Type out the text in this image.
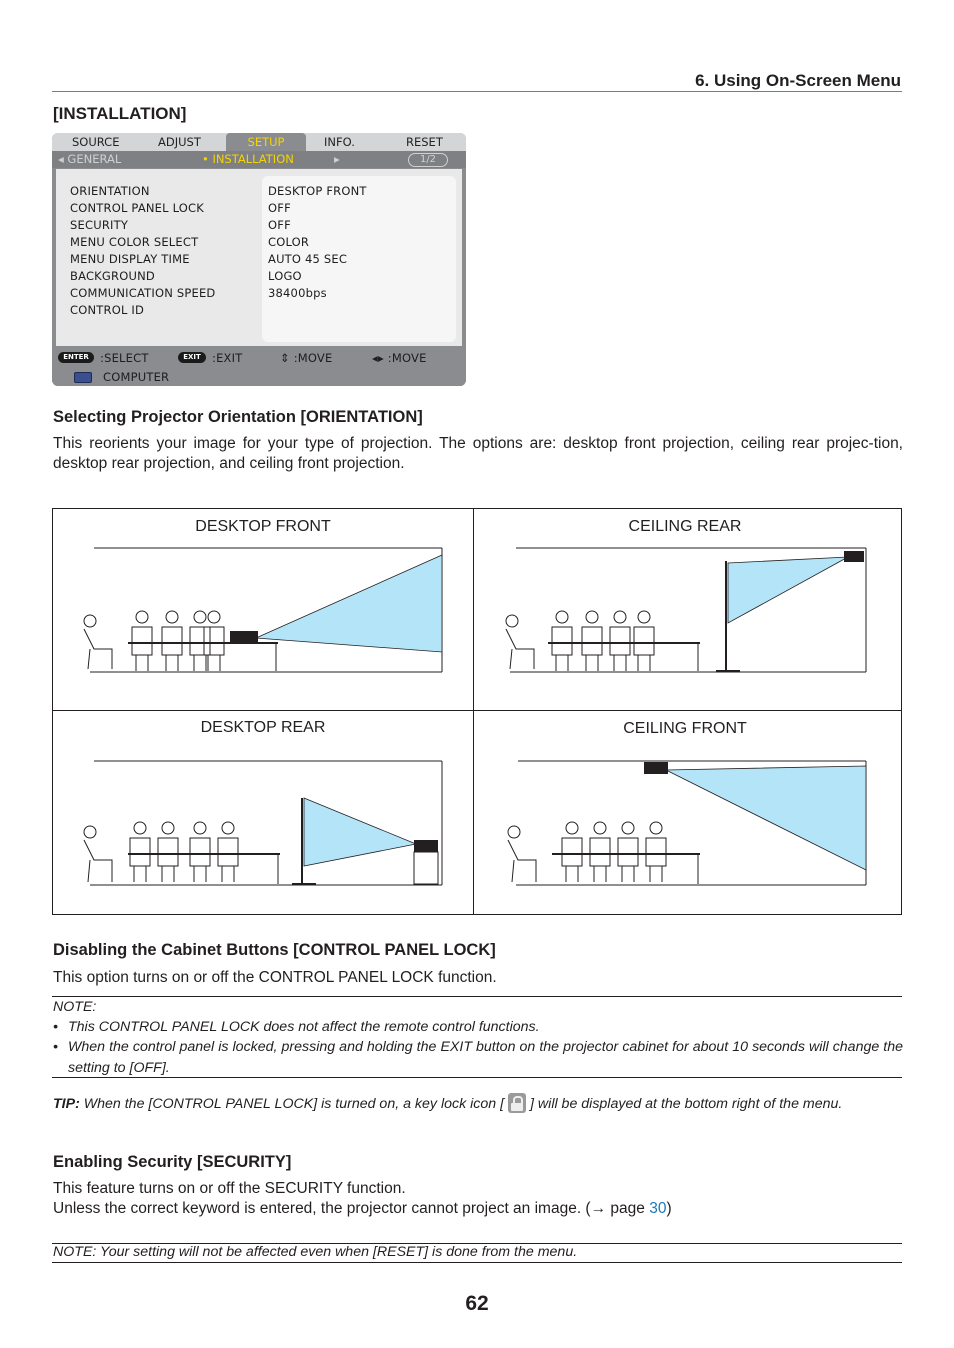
6. Using On-Screen Menu
[INSTALLATION]
SOURCE	ADJUST	SETUP	INFO.	RESET
◂ GENERAL	• INSTALLATION	▸	1/2
ORIENTATION	DESKTOP FRONT
CONTROL PANEL LOCK	OFF
SECURITY	OFF
MENU COLOR SELECT	COLOR
MENU DISPLAY TIME	AUTO 45 SEC
BACKGROUND	LOGO
COMMUNICATION SPEED	38400bps
CONTROL ID
ENTER :SELECT	EXIT :EXIT	⇕ :MOVE	◂▸ :MOVE
COMPUTER
Selecting Projector Orientation [ORIENTATION]
This reorients your image for your type of projection. The options are: desktop front projection, ceiling rear projec-tion, desktop rear projection, and ceiling front projection.
DESKTOP FRONT	CEILING REAR
DESKTOP REAR	CEILING FRONT
Disabling the Cabinet Buttons [CONTROL PANEL LOCK]
This option turns on or off the CONTROL PANEL LOCK function.
NOTE:
• This CONTROL PANEL LOCK does not affect the remote control functions.
• When the control panel is locked, pressing and holding the EXIT button on the projector cabinet for about 10 seconds will change the setting to [OFF].
TIP: When the [CONTROL PANEL LOCK] is turned on, a key lock icon [ ] will be displayed at the bottom right of the menu.
Enabling Security [SECURITY]
This feature turns on or off the SECURITY function.
Unless the correct keyword is entered, the projector cannot project an image. (→ page 30)
NOTE: Your setting will not be affected even when [RESET] is done from the menu.
62
